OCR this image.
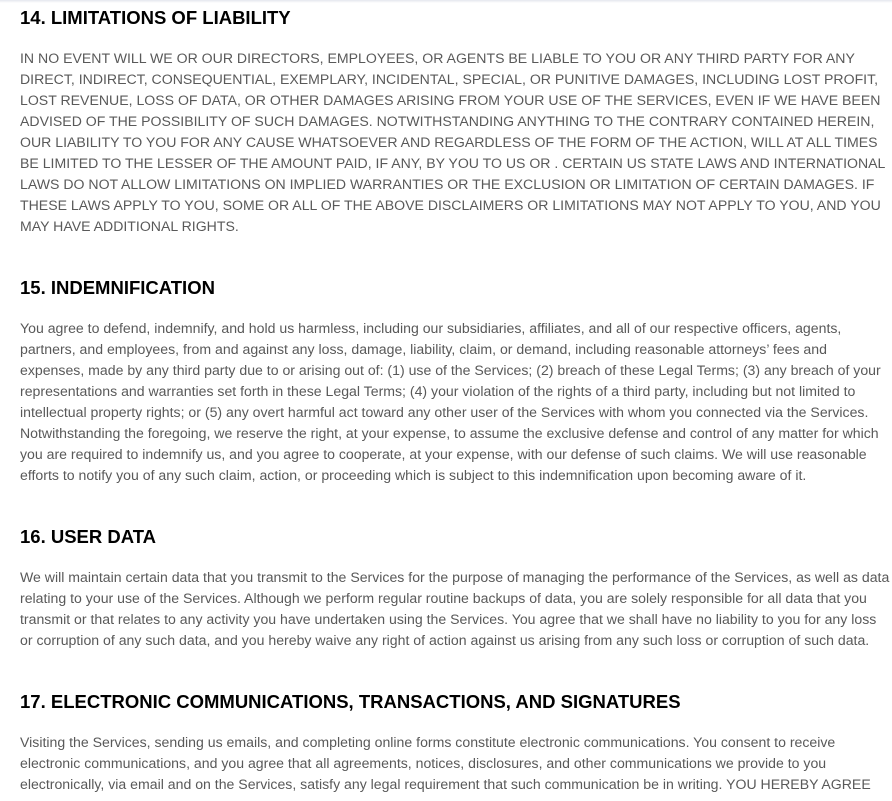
14. LIMITATIONS OF LIABILITY

IN NO EVENT WILL WE OR OUR DIRECTORS, EMPLOYEES, OR AGENTS BE LIABLE TO YOU OR ANY THIRD PARTY FOR ANY DIRECT, INDIRECT, CONSEQUENTIAL, EXEMPLARY, INCIDENTAL, SPECIAL, OR PUNITIVE DAMAGES, INCLUDING LOST PROFIT, LOST REVENUE, LOSS OF DATA, OR OTHER DAMAGES ARISING FROM YOUR USE OF THE SERVICES, EVEN IF WE HAVE BEEN ADVISED OF THE POSSIBILITY OF SUCH DAMAGES. NOTWITHSTANDING ANYTHING TO THE CONTRARY CONTAINED HEREIN, OUR LIABILITY TO YOU FOR ANY CAUSE WHATSOEVER AND REGARDLESS OF THE FORM OF THE ACTION, WILL AT ALL TIMES BE LIMITED TO THE LESSER OF THE AMOUNT PAID, IF ANY, BY YOU TO US OR . CERTAIN US STATE LAWS AND INTERNATIONAL LAWS DO NOT ALLOW LIMITATIONS ON IMPLIED WARRANTIES OR THE EXCLUSION OR LIMITATION OF CERTAIN DAMAGES. IF THESE LAWS APPLY TO YOU, SOME OR ALL OF THE ABOVE DISCLAIMERS OR LIMITATIONS MAY NOT APPLY TO YOU, AND YOU MAY HAVE ADDITIONAL RIGHTS.

15. INDEMNIFICATION

You agree to defend, indemnify, and hold us harmless, including our subsidiaries, affiliates, and all of our respective officers, agents, partners, and employees, from and against any loss, damage, liability, claim, or demand, including reasonable attorneys’ fees and expenses, made by any third party due to or arising out of: (1) use of the Services; (2) breach of these Legal Terms; (3) any breach of your representations and warranties set forth in these Legal Terms; (4) your violation of the rights of a third party, including but not limited to intellectual property rights; or (5) any overt harmful act toward any other user of the Services with whom you connected via the Services. Notwithstanding the foregoing, we reserve the right, at your expense, to assume the exclusive defense and control of any matter for which you are required to indemnify us, and you agree to cooperate, at your expense, with our defense of such claims. We will use reasonable efforts to notify you of any such claim, action, or proceeding which is subject to this indemnification upon becoming aware of it.

16. USER DATA

We will maintain certain data that you transmit to the Services for the purpose of managing the performance of the Services, as well as data relating to your use of the Services. Although we perform regular routine backups of data, you are solely responsible for all data that you transmit or that relates to any activity you have undertaken using the Services. You agree that we shall have no liability to you for any loss or corruption of any such data, and you hereby waive any right of action against us arising from any such loss or corruption of such data.

17. ELECTRONIC COMMUNICATIONS, TRANSACTIONS, AND SIGNATURES

Visiting the Services, sending us emails, and completing online forms constitute electronic communications. You consent to receive electronic communications, and you agree that all agreements, notices, disclosures, and other communications we provide to you electronically, via email and on the Services, satisfy any legal requirement that such communication be in writing. YOU HEREBY AGREE
